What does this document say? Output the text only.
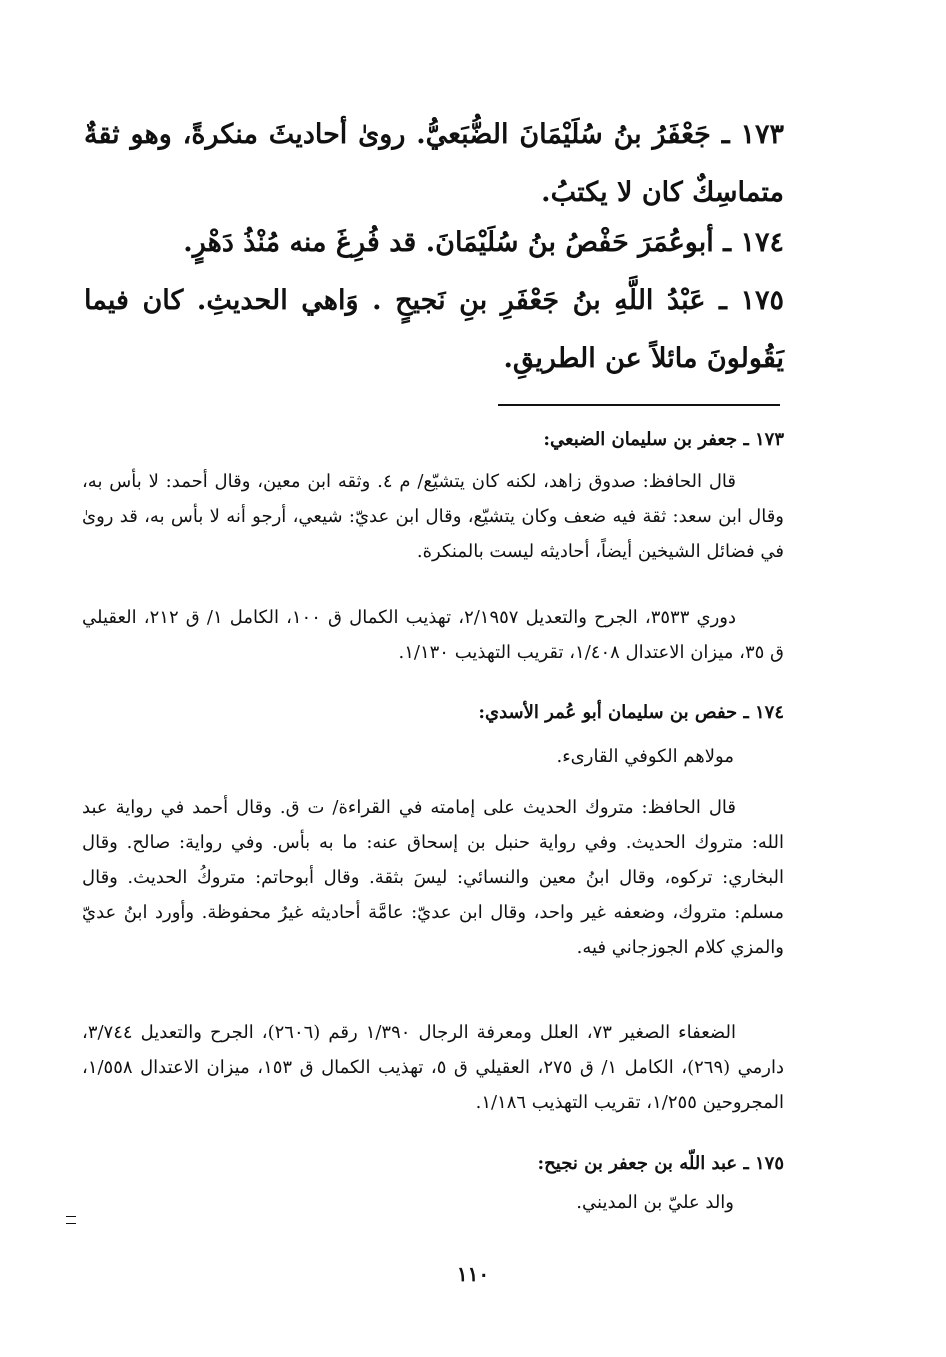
١٧٣ ـ جَعْفَرُ بنُ سُلَيْمَانَ الضُّبَعيُّ. روىٰ أحاديثَ منكرةً، وهو ثقةٌ متماسِكٌ كان لا يكتبُ.
١٧٤ ـ أبوعُمَرَ حَفْصُ بنُ سُلَيْمَانَ. قد فُرِغَ منه مُنْذُ دَهْرٍ.
١٧٥ ـ عَبْدُ اللَّهِ بنُ جَعْفَرِ بنِ نَجيحٍ . وَاهي الحديثِ. كان فيما يَقُولونَ مائلاً عن الطريقِ.
١٧٣ ـ جعفر بن سليمان الضبعي:
قال الحافظ: صدوق زاهد، لكنه كان يتشيّع/ م ٤. وثقه ابن معين، وقال أحمد: لا بأس به، وقال ابن سعد: ثقة فيه ضعف وكان يتشيّع، وقال ابن عديّ: شيعي، أرجو أنه لا بأس به، قد روىٰ في فضائل الشيخين أيضاً، أحاديثه ليست بالمنكرة.
دوري ٣٥٣٣، الجرح والتعديل ٢/١٩٥٧، تهذيب الكمال ق ١٠٠، الكامل ١/ ق ٢١٢، العقيلي ق ٣٥، ميزان الاعتدال ١/٤٠٨، تقريب التهذيب ١/١٣٠.
١٧٤ ـ حفص بن سليمان أبو عُمر الأسدي:
مولاهم الكوفي القارىء.
قال الحافظ: متروك الحديث على إمامته في القراءة/ ت ق. وقال أحمد في رواية عبد الله: متروك الحديث. وفي رواية حنبل بن إسحاق عنه: ما به بأس. وفي رواية: صالح. وقال البخاري: تركوه، وقال ابنُ معين والنسائي: ليسَ بثقة. وقال أبوحاتم: متروكُ الحديث. وقال مسلم: متروك، وضعفه غير واحد، وقال ابن عديّ: عامَّة أحاديثه غيرُ محفوظة. وأورد ابنُ عديّ والمزي كلام الجوزجاني فيه.
الضعفاء الصغير ٧٣، العلل ومعرفة الرجال ١/٣٩٠ رقم (٢٦٠٦)، الجرح والتعديل ٣/٧٤٤، دارمي (٢٦٩)، الكامل ١/ ق ٢٧٥، العقيلي ق ٥، تهذيب الكمال ق ١٥٣، ميزان الاعتدال ١/٥٥٨، المجروحين ١/٢٥٥، تقريب التهذيب ١/١٨٦.
١٧٥ ـ عبد اللّه بن جعفر بن نجيح:
والد عليّ بن المديني.
١١٠
